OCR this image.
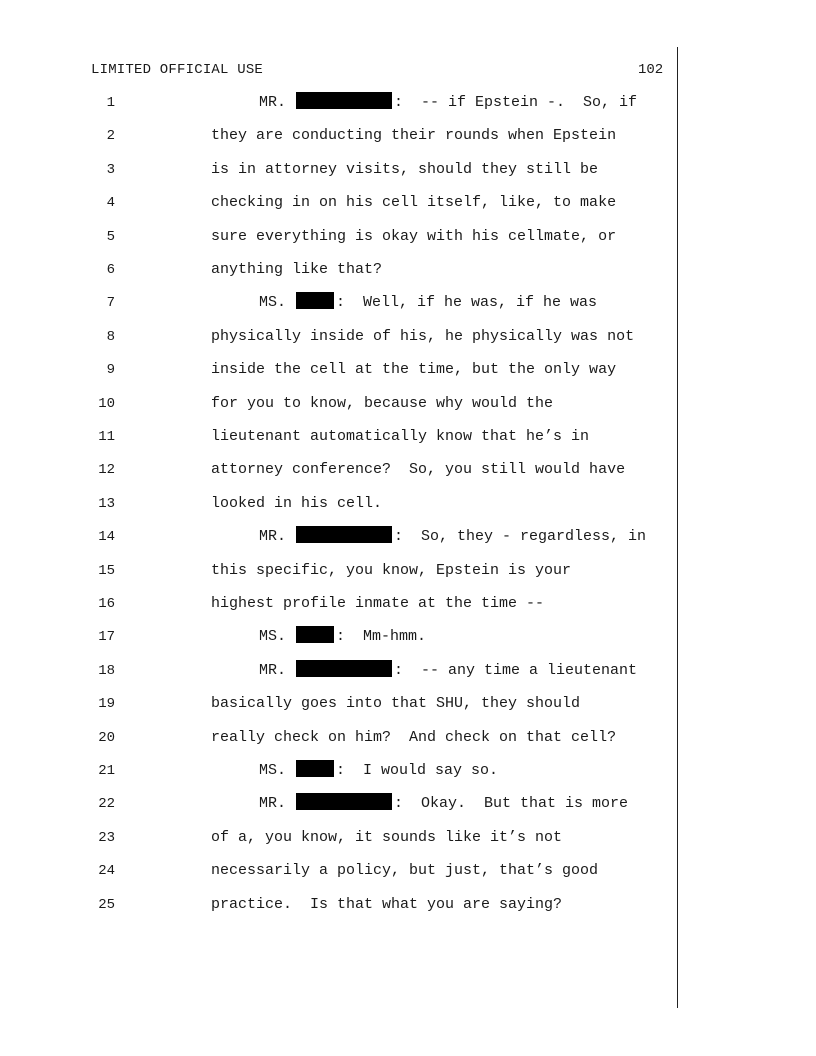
LIMITED OFFICIAL USE	102
1	MR.	:  -- if Epstein -.  So, if
2	they are conducting their rounds when Epstein
3	is in attorney visits, should they still be
4	checking in on his cell itself, like, to make
5	sure everything is okay with his cellmate, or
6	anything like that?
7	MS.	:  Well, if he was, if he was
8	physically inside of his, he physically was not
9	inside the cell at the time, but the only way
10	for you to know, because why would the
11	lieutenant automatically know that he’s in
12	attorney conference?  So, you still would have
13	looked in his cell.
14	MR.	:  So, they - regardless, in
15	this specific, you know, Epstein is your
16	highest profile inmate at the time --
17	MS.	:  Mm-hmm.
18	MR.	:  -- any time a lieutenant
19	basically goes into that SHU, they should
20	really check on him?  And check on that cell?
21	MS.	:  I would say so.
22	MR.	:  Okay.  But that is more
23	of a, you know, it sounds like it’s not
24	necessarily a policy, but just, that’s good
25	practice.  Is that what you are saying?
